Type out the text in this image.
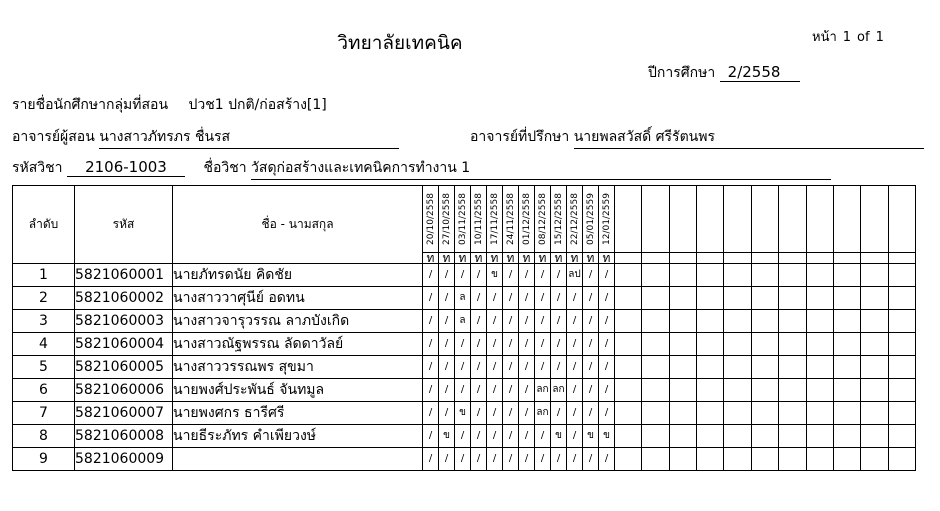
วิทยาลัยเทคนิค	หน้า 1 of 1
ปีการศึกษา 2/2558
รายชื่อนักศึกษากลุ่มที่สอน ปวช1 ปกติ/ก่อสร้าง[1]
อาจารย์ผู้สอน นางสาวภัทรภร ชื่นรส	อาจารย์ที่ปรึกษา นายพลสวัสดิ์ ศรีรัตนพร
รหัสวิชา 2106-1003	ชื่อวิชา วัสดุก่อสร้างและเทคนิคการทำงาน 1
ลำดับ	รหัส	ชื่อ - นามสกุล	20/10/2558	27/10/2558	03/11/2558	10/11/2558	17/11/2558	24/11/2558	01/12/2558	08/12/2558	15/12/2558	22/12/2558	05/01/2559	12/01/2559											

			ท	ท	ท	ท	ท	ท	ท	ท	ท	ท	ท	ท											
1	5821060001	นายภัทรดนัย คิดชัย	/	/	/	/	ข	/	/	/	/	ลป	/	/											
2	5821060002	นางสาววาศุนีย์ อดทน	/	/	ล	/	/	/	/	/	/	/	/	/											
3	5821060003	นางสาวจารุวรรณ ลาภบังเกิด	/	/	ล	/	/	/	/	/	/	/	/	/											
4	5821060004	นางสาวณัฐพรรณ ลัดดาวัลย์	/	/	/	/	/	/	/	/	/	/	/	/											
5	5821060005	นางสาววรรณพร สุขมา	/	/	/	/	/	/	/	/	/	/	/	/											
6	5821060006	นายพงศ์ประพันธ์ จันทมูล	/	/	/	/	/	/	/	ลก	ลก	/	/	/											
7	5821060007	นายพงศกร ธารีศรี	/	/	ข	/	/	/	/	ลก	/	/	/	/											
8	5821060008	นายธีระภัทร คำเพียวงษ์	/	ข	/	/	/	/	/	/	ข	/	ข	ข											
9	5821060009		/	/	/	/	/	/	/	/	/	/	/	/											
